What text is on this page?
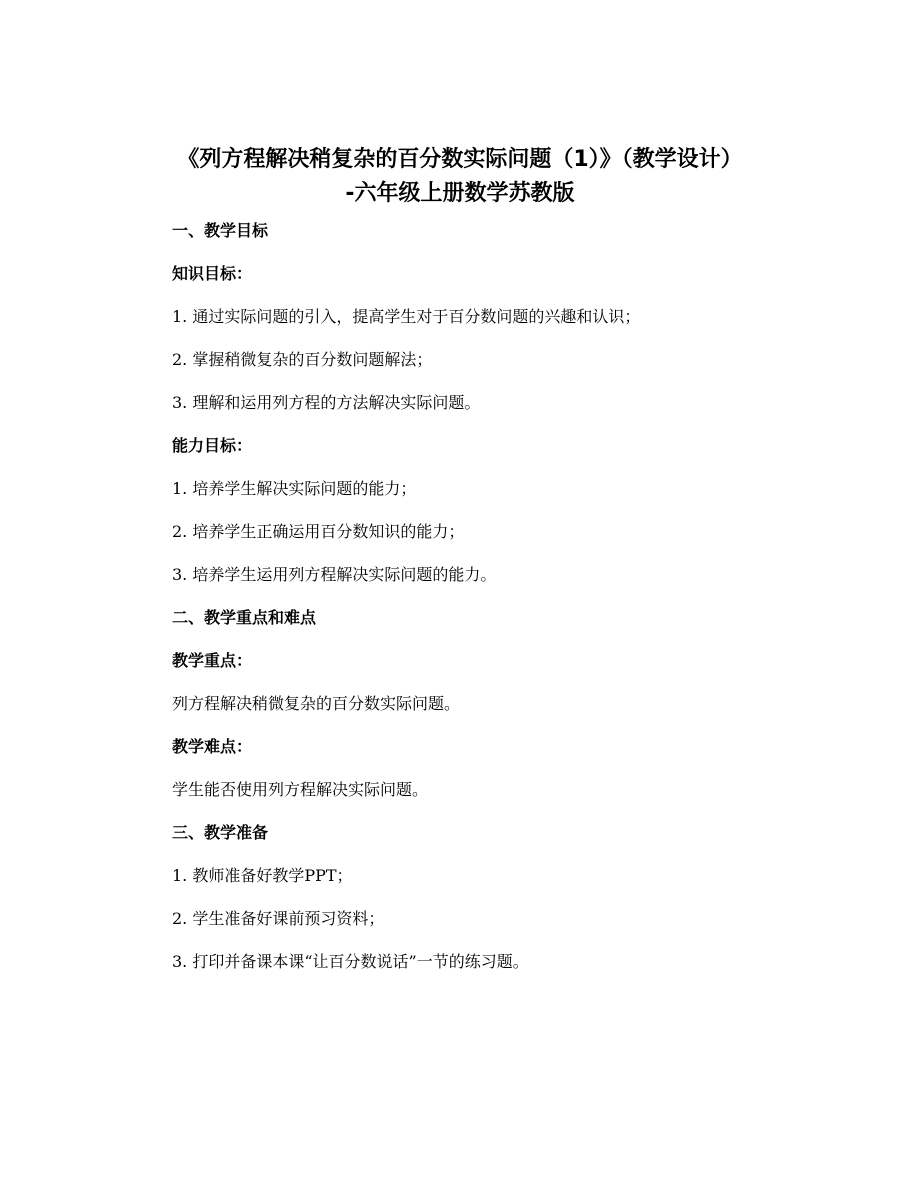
《列方程解决稍复杂的百分数实际问题（1）》（教学设计）
-六年级上册数学苏教版
一、教学目标
知识目标：
1. 通过实际问题的引入，提高学生对于百分数问题的兴趣和认识；
2. 掌握稍微复杂的百分数问题解法；
3. 理解和运用列方程的方法解决实际问题。
能力目标：
1. 培养学生解决实际问题的能力；
2. 培养学生正确运用百分数知识的能力；
3. 培养学生运用列方程解决实际问题的能力。
二、教学重点和难点
教学重点：
列方程解决稍微复杂的百分数实际问题。
教学难点：
学生能否使用列方程解决实际问题。
三、教学准备
1. 教师准备好教学PPT；
2. 学生准备好课前预习资料；
3. 打印并备课本课“让百分数说话”一节的练习题。
